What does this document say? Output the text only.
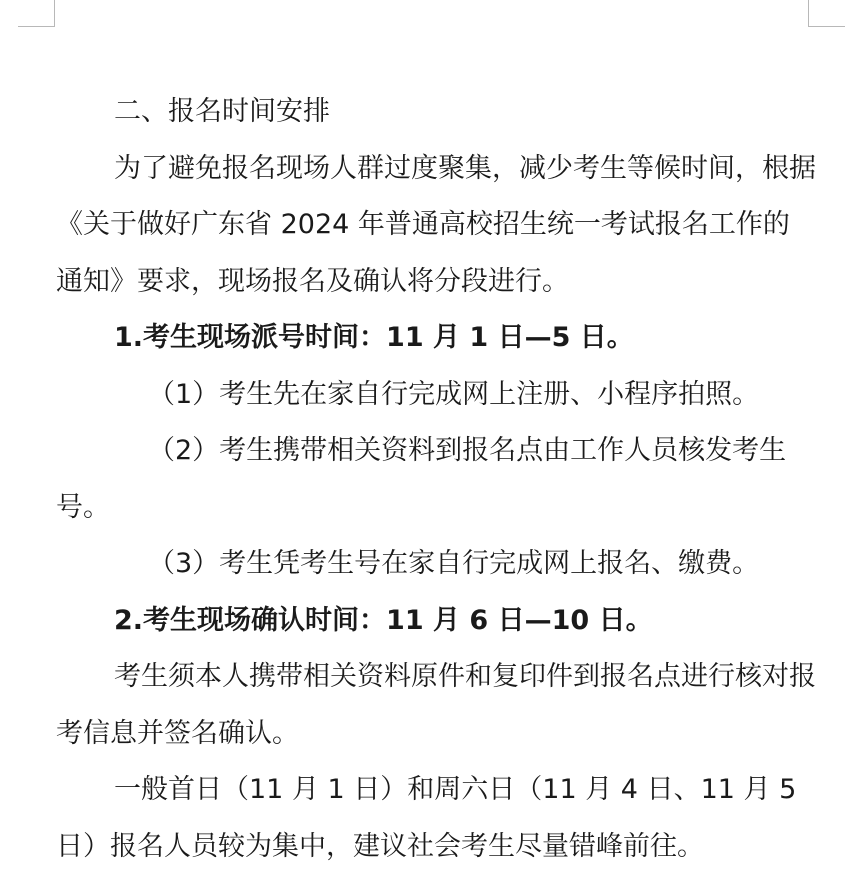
二、报名时间安排

为了避免报名现场人群过度聚集，减少考生等候时间，根据《关于做好广东省 2024 年普通高校招生统一考试报名工作的通知》要求，现场报名及确认将分段进行。

1.考生现场派号时间：11 月 1 日—5 日。

（1）考生先在家自行完成网上注册、小程序拍照。

（2）考生携带相关资料到报名点由工作人员核发考生号。

（3）考生凭考生号在家自行完成网上报名、缴费。

2.考生现场确认时间：11 月 6 日—10 日。

考生须本人携带相关资料原件和复印件到报名点进行核对报考信息并签名确认。

一般首日（11 月 1 日）和周六日（11 月 4 日、11 月 5 日）报名人员较为集中，建议社会考生尽量错峰前往。
